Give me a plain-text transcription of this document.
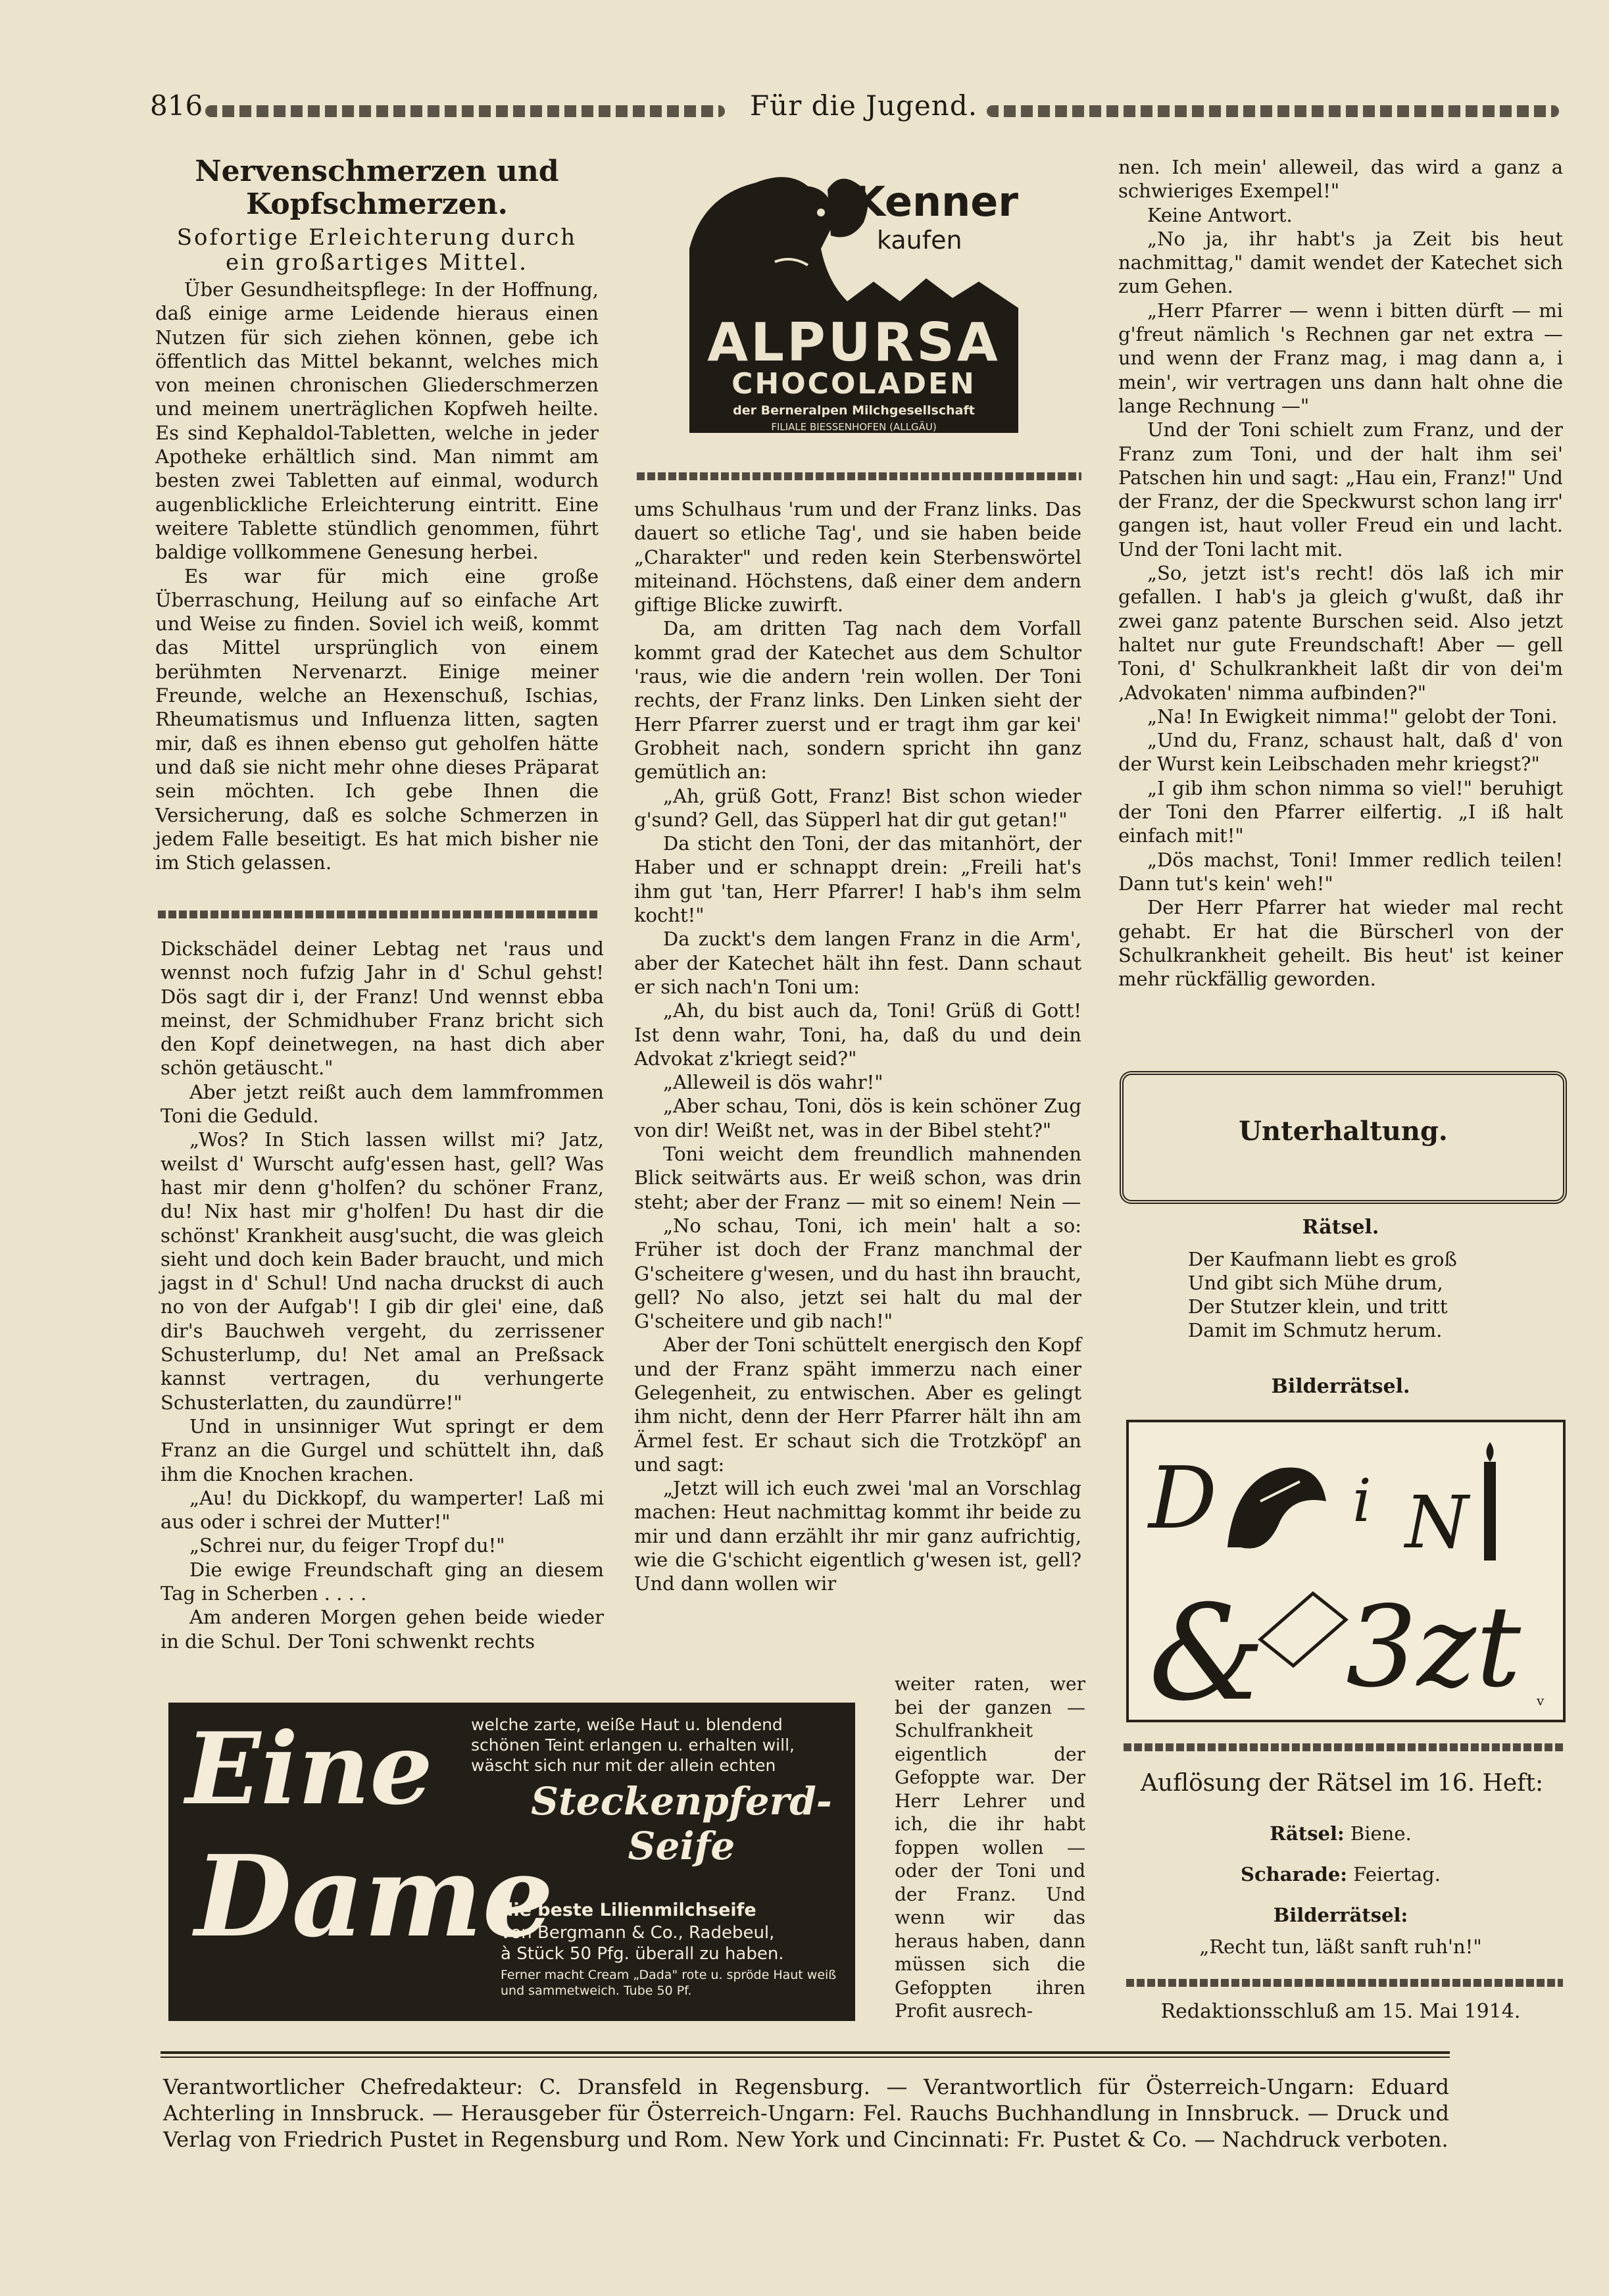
816	Für die Jugend.
Nervenschmerzen und Kopfschmerzen.
Sofortige Erleichterung durch ein großartiges Mittel.

Über Gesundheitspflege: In der Hoffnung, daß einige arme Leidende hieraus einen Nutzen für sich ziehen können, gebe ich öffentlich das Mittel bekannt, welches mich von meinen chronischen Gliederschmerzen und meinem unerträglichen Kopfweh heilte. Es sind Kephaldol-Tabletten, welche in jeder Apotheke erhältlich sind. Man nimmt am besten zwei Tabletten auf einmal, wodurch augenblickliche Erleichterung eintritt. Eine weitere Tablette stündlich genommen, führt baldige vollkommene Genesung herbei.

Es war für mich eine große Überraschung, Heilung auf so einfache Art und Weise zu finden. Soviel ich weiß, kommt das Mittel ursprünglich von einem berühmten Nervenarzt. Einige meiner Freunde, welche an Hexenschuß, Ischias, Rheumatismus und Influenza litten, sagten mir, daß es ihnen ebenso gut geholfen hätte und daß sie nicht mehr ohne dieses Präparat sein möchten. Ich gebe Ihnen die Versicherung, daß es solche Schmerzen in jedem Falle beseitigt. Es hat mich bisher nie im Stich gelassen.

Dickschädel deiner Lebtag net 'raus und wennst noch fufzig Jahr in d' Schul gehst! Dös sagt dir i, der Franz! Und wennst ebba meinst, der Schmidhuber Franz bricht sich den Kopf deinetwegen, na hast dich aber schön getäuscht."

Aber jetzt reißt auch dem lammfrommen Toni die Geduld.

„Wos? In Stich lassen willst mi? Jatz, weilst d' Wurscht aufg'essen hast, gell? Was hast mir denn g'holfen? du schöner Franz, du! Nix hast mir g'holfen! Du hast dir die schönst' Krankheit ausg'sucht, die was gleich sieht und doch kein Bader braucht, und mich jagst in d' Schul! Und nacha druckst di auch no von der Aufgab'! I gib dir glei' eine, daß dir's Bauchweh vergeht, du zerrissener Schusterlump, du! Net amal an Preßsack kannst vertragen, du verhungerte Schusterlatten, du zaundürre!"

Und in unsinniger Wut springt er dem Franz an die Gurgel und schüttelt ihn, daß ihm die Knochen krachen.

„Au! du Dickkopf, du wamperter! Laß mi aus oder i schrei der Mutter!"

„Schrei nur, du feiger Tropf du!"

Die ewige Freundschaft ging an diesem Tag in Scherben . . . .

Am anderen Morgen gehen beide wieder in die Schul. Der Toni schwenkt rechts

Kenner
kaufen
ALPURSA
CHOCOLADEN
der Berneralpen Milchgesellschaft
FILIALE BIESSENHOFEN (ALLGÄU)

ums Schulhaus 'rum und der Franz links. Das dauert so etliche Tag', und sie haben beide „Charakter" und reden kein Sterbenswörtel miteinand. Höchstens, daß einer dem andern giftige Blicke zuwirft.

Da, am dritten Tag nach dem Vorfall kommt grad der Katechet aus dem Schultor 'raus, wie die andern 'rein wollen. Der Toni rechts, der Franz links. Den Linken sieht der Herr Pfarrer zuerst und er tragt ihm gar kei' Grobheit nach, sondern spricht ihn ganz gemütlich an:

„Ah, grüß Gott, Franz! Bist schon wieder g'sund? Gell, das Süpperl hat dir gut getan!"

Da sticht den Toni, der das mitanhört, der Haber und er schnappt drein: „Freili hat's ihm gut 'tan, Herr Pfarrer! I hab's ihm selm kocht!"

Da zuckt's dem langen Franz in die Arm', aber der Katechet hält ihn fest. Dann schaut er sich nach'n Toni um:

„Ah, du bist auch da, Toni! Grüß di Gott! Ist denn wahr, Toni, ha, daß du und dein Advokat z'kriegt seid?"

„Alleweil is dös wahr!"

„Aber schau, Toni, dös is kein schöner Zug von dir! Weißt net, was in der Bibel steht?"

Toni weicht dem freundlich mahnenden Blick seitwärts aus. Er weiß schon, was drin steht; aber der Franz — mit so einem! Nein —

„No schau, Toni, ich mein' halt a so: Früher ist doch der Franz manchmal der G'scheitere g'wesen, und du hast ihn braucht, gell? No also, jetzt sei halt du mal der G'scheitere und gib nach!"

Aber der Toni schüttelt energisch den Kopf und der Franz späht immerzu nach einer Gelegenheit, zu entwischen. Aber es gelingt ihm nicht, denn der Herr Pfarrer hält ihn am Ärmel fest. Er schaut sich die Trotzköpf' an und sagt:

„Jetzt will ich euch zwei 'mal an Vorschlag machen: Heut nachmittag kommt ihr beide zu mir und dann erzählt ihr mir ganz aufrichtig, wie die G'schicht eigentlich g'wesen ist, gell? Und dann wollen wir

weiter raten, wer bei der ganzen — Schulfrankheit eigentlich der Gefoppte war. Der Herr Lehrer und ich, die ihr habt foppen wollen — oder der Toni und der Franz. Und wenn wir das heraus haben, dann müssen sich die Gefoppten ihren Profit ausrech-

Eine
Dame
welche zarte, weiße Haut u. blendend schönen Teint erlangen u. erhalten will, wäscht sich nur mit der allein echten
Steckenpferd-
Seife
die beste Lilienmilchseife
von Bergmann & Co., Radebeul,
à Stück 50 Pfg. überall zu haben.
Ferner macht Cream „Dada" rote u. spröde Haut weiß und sammetweich. Tube 50 Pf.

nen. Ich mein' alleweil, das wird a ganz a schwieriges Exempel!"

Keine Antwort.

„No ja, ihr habt's ja Zeit bis heut nachmittag," damit wendet der Katechet sich zum Gehen.

„Herr Pfarrer — wenn i bitten dürft — mi g'freut nämlich 's Rechnen gar net extra — und wenn der Franz mag, i mag dann a, i mein', wir vertragen uns dann halt ohne die lange Rechnung —"

Und der Toni schielt zum Franz, und der Franz zum Toni, und der halt ihm sei' Patschen hin und sagt: „Hau ein, Franz!" Und der Franz, der die Speckwurst schon lang irr' gangen ist, haut voller Freud ein und lacht. Und der Toni lacht mit.

„So, jetzt ist's recht! dös laß ich mir gefallen. I hab's ja gleich g'wußt, daß ihr zwei ganz patente Burschen seid. Also jetzt haltet nur gute Freundschaft! Aber — gell Toni, d' Schulkrankheit laßt dir von dei'm ‚Advokaten' nimma aufbinden?"

„Na! In Ewigkeit nimma!" gelobt der Toni.

„Und du, Franz, schaust halt, daß d' von der Wurst kein Leibschaden mehr kriegst?"

„I gib ihm schon nimma so viel!" beruhigt der Toni den Pfarrer eilfertig. „I iß halt einfach mit!"

„Dös machst, Toni! Immer redlich teilen! Dann tut's kein' weh!"

Der Herr Pfarrer hat wieder mal recht gehabt. Er hat die Bürscherl von der Schulkrankheit geheilt. Bis heut' ist keiner mehr rückfällig geworden.

Unterhaltung.
Rätsel.
Der Kaufmann liebt es groß
Und gibt sich Mühe drum,
Der Stutzer klein, und tritt
Damit im Schmutz herum.
Bilderrätsel.
D i N
& 3zt v
Auflösung der Rätsel im 16. Heft:
Rätsel: Biene.
Scharade: Feiertag.
Bilderrätsel:
„Recht tun, läßt sanft ruh'n!"
Redaktionsschluß am 15. Mai 1914.
Verantwortlicher Chefredakteur: C. Dransfeld in Regensburg. — Verantwortlich für Österreich-Ungarn: Eduard Achterling in Innsbruck. — Herausgeber für Österreich-Ungarn: Fel. Rauchs Buchhandlung in Innsbruck. — Druck und Verlag von Friedrich Pustet in Regensburg und Rom. New York und Cincinnati: Fr. Pustet & Co. — Nachdruck verboten.
